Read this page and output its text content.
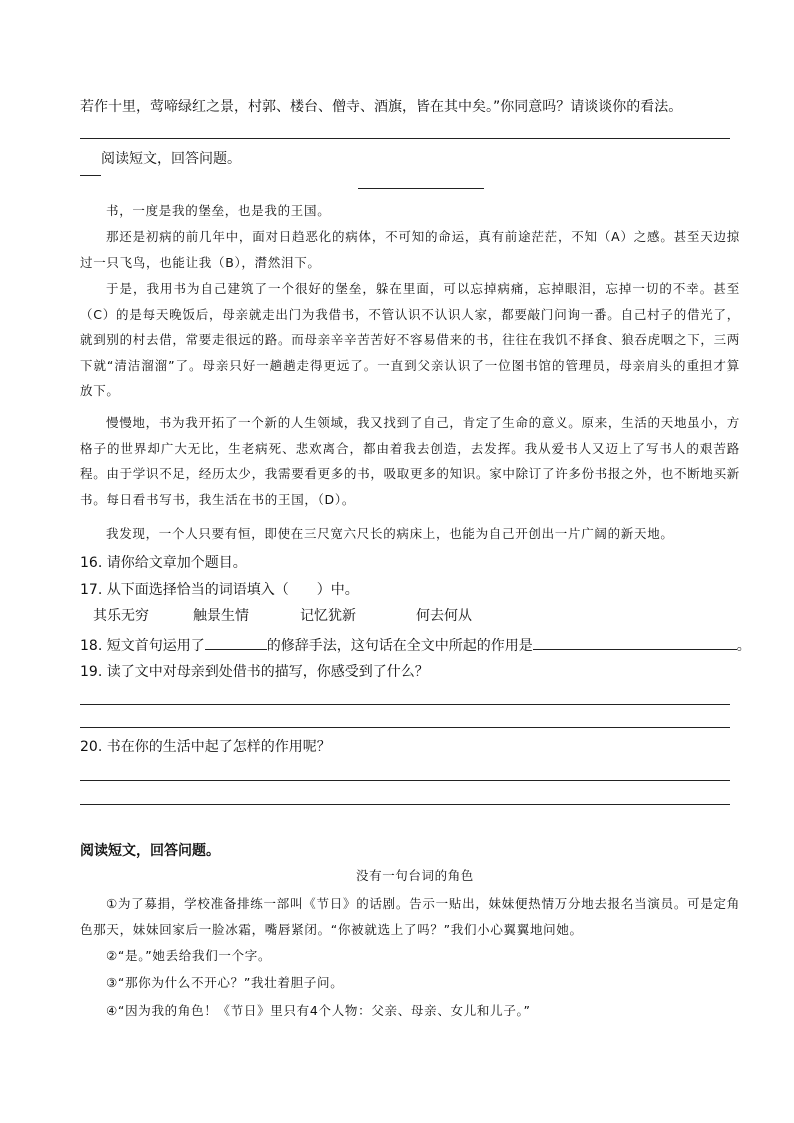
若作十里，莺啼绿红之景，村郭、楼台、僧寺、酒旗，皆在其中矣。”你同意吗？请谈谈你的看法。
阅读短文，回答问题。
书，一度是我的堡垒，也是我的王国。
那还是初病的前几年中，面对日趋恶化的病体，不可知的命运，真有前途茫茫，不知（A）之感。甚至天边掠过一只飞鸟，也能让我（B），潸然泪下。
于是，我用书为自己建筑了一个很好的堡垒，躲在里面，可以忘掉病痛，忘掉眼泪，忘掉一切的不幸。甚至（C）的是每天晚饭后，母亲就走出门为我借书，不管认识不认识人家，都要敲门问询一番。自己村子的借光了，就到别的村去借，常要走很远的路。而母亲辛辛苦苦好不容易借来的书，往往在我饥不择食、狼吞虎咽之下，三两下就“清洁溜溜”了。母亲只好一趟趟走得更远了。一直到父亲认识了一位图书馆的管理员，母亲肩头的重担才算放下。
慢慢地，书为我开拓了一个新的人生领域，我又找到了自己，肯定了生命的意义。原来，生活的天地虽小，方格子的世界却广大无比，生老病死、悲欢离合，都由着我去创造，去发挥。我从爱书人又迈上了写书人的艰苦路程。由于学识不足，经历太少，我需要看更多的书，吸取更多的知识。家中除订了许多份书报之外，也不断地买新书。每日看书写书，我生活在书的王国，（D）。
我发现，一个人只要有恒，即使在三尺宽六尺长的病床上，也能为自己开创出一片广阔的新天地。
16. 请你给文章加个题目。
17. 从下面选择恰当的词语填入（　　）中。
其乐无穷	触景生情	记忆犹新	何去何从
18. 短文首句运用了	的修辞手法，这句话在全文中所起的作用是	。
19. 读了文中对母亲到处借书的描写，你感受到了什么？
20. 书在你的生活中起了怎样的作用呢？
阅读短文，回答问题。
没有一句台词的角色
①为了募捐，学校准备排练一部叫《节日》的话剧。告示一贴出，妹妹便热情万分地去报名当演员。可是定角色那天，妹妹回家后一脸冰霜，嘴唇紧闭。“你被就选上了吗？”我们小心翼翼地问她。
②“是。”她丢给我们一个字。
③“那你为什么不开心？”我壮着胆子问。
④“因为我的角色！《节日》里只有4个人物：父亲、母亲、女儿和儿子。”
